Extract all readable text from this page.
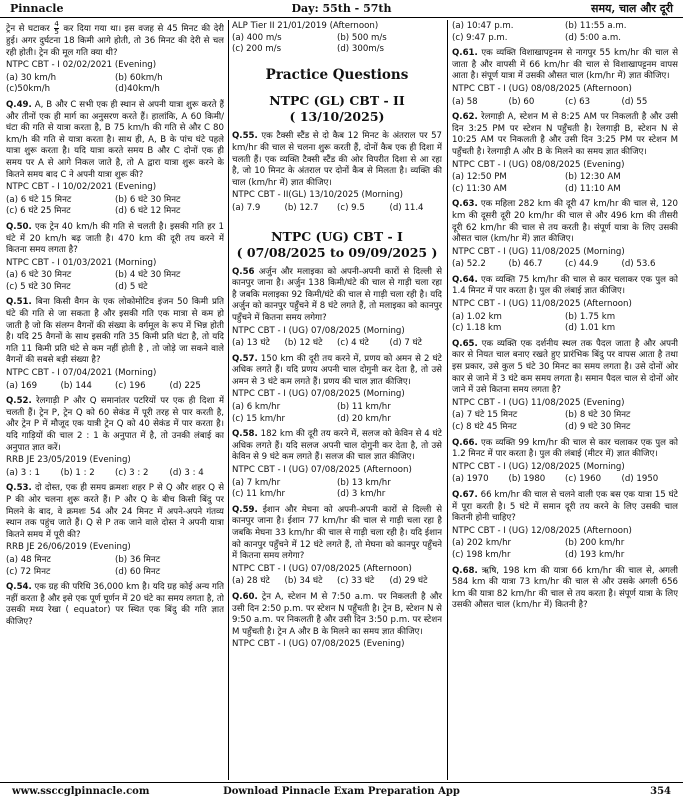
Pinnacle	Day: 55th - 57th	समय, चाल और दूरी

ट्रेन से घटाकर $\frac{4}{5}$ कर दिया गया था। इस वजह से 45 मिनट की देरी हुई। अगर दुर्घटना 18 किमी आगे होती, तो 36 मिनट की देरी से चल रही होती। ट्रेन की मूल गति क्या थी?

NTPC CBT - I 02/02/2021 (Evening)

(a) 30 km/h	(b) 60km/h
(c)50km/h	(d)40km/h

Q.49. A, B और C सभी एक ही स्थान से अपनी यात्रा शुरू करते हैं और तीनों एक ही मार्ग का अनुसरण करते हैं। हालांकि, A 60 किमी/घंटा की गति से यात्रा करता है, B 75 km/h की गति से और C 80 km/h की गति से यात्रा करता है। साथ ही, A, B के पांच घंटे पहले यात्रा शुरू करता है। यदि यात्रा करते समय B और C दोनों एक ही समय पर A से आगे निकल जाते है, तो A द्वारा यात्रा शुरू करने के कितने समय बाद C ने अपनी यात्रा शुरू की?

NTPC CBT - I 10/02/2021 (Evening)

(a) 6 घंटे 15 मिनट	(b) 6 घंटे 30 मिनट
(c) 6 घंटे 25 मिनट	(d) 6 घंटे 12 मिनट

Q.50. एक ट्रेन 40 km/h की गति से चलती है। इसकी गति हर 1 घंटे में 20 km/h बढ़ जाती है। 470 km की दूरी तय करने में कितना समय लगता है?

NTPC CBT - I 01/03/2021 (Morning)

(a) 6 घंटे 30 मिनट	(b) 4 घंटे 30 मिनट
(c) 5 घंटे 30 मिनट	(d) 5 घंटे

Q.51. बिना किसी वैगन के एक लोकोमोटिव इंजन 50 किमी प्रति घंटे की गति से जा सकता है और इसकी गति एक मात्रा से कम हो जाती है जो कि संलग्न वैगनों की संख्या के वर्गमूल के रूप में भिन्न होती है। यदि 25 वैगनों के साथ इसकी गति 35 किमी प्रति घंटा है, तो यदि गति 11 किमी प्रति घंटे से कम नहीं होती है , तो जोड़े जा सकने वाले वैगनों की सबसे बड़ी संख्या है?

NTPC CBT - I 07/04/2021 (Morning)

(a) 169	(b) 144	(c) 196	(d) 225

Q.52. रेलगाड़ी P और Q समानांतर पटरियों पर एक ही दिशा में चलती हैं। ट्रेन P, ट्रेन Q को 60 सेकंड में पूरी तरह से पार करती है, और ट्रेन P में मौजूद एक यात्री ट्रेन Q को 40 सेकंड में पार करता है। यदि गाड़ियों की चाल 2 : 1 के अनुपात में है, तो उनकी लंबाई का अनुपात ज्ञात करें।

RRB JE 23/05/2019 (Evening)

(a) 3 : 1	(b) 1 : 2	(c) 3 : 2	(d) 3 : 4

Q.53. दो दोस्त, एक ही समय क्रमशः शहर P से Q और शहर Q से P की ओर चलना शुरू करते हैं। P और Q के बीच किसी बिंदु पर मिलने के बाद, वे क्रमशः 54 और 24 मिनट में अपने-अपने गंतव्य स्थान तक पहुंच जाते हैं। Q से P तक जाने वाले दोस्त ने अपनी यात्रा कितने समय में पूरी की?

RRB JE 26/06/2019 (Evening)

(a) 48 मिनट	(b) 36 मिनट
(c) 72 मिनट	(d) 60 मिनट

Q.54. एक ग्रह की परिधि 36,000 km है। यदि ग्रह कोई अन्य गति नहीं करता है और इसे एक पूर्ण घूर्णन में 20 घंटे का समय लगता है, तो उसकी मध्य रेखा ( equator) पर स्थित एक बिंदु की गति ज्ञात कीजिए?

ALP Tier II 21/01/2019 (Afternoon)
(a) 400 m/s	(b) 500 m/s
(c) 200 m/s	(d) 300m/s

Practice Questions

NTPC (GL) CBT - II
( 13/10/2025)

Q.55. एक टैक्सी स्टैंड से दो कैब 12 मिनट के अंतराल पर 57 km/hr की चाल से चलना शुरू करती हैं, दोनों कैब एक ही दिशा में चलती हैं। एक व्यक्ति टैक्सी स्टैंड की ओर विपरीत दिशा से आ रहा है, जो 10 मिनट के अंतराल पर दोनों कैब से मिलता है। व्यक्ति की चाल (km/hr में) ज्ञात कीजिए।

NTPC CBT - II(GL) 13/10/2025 (Morning)

(a) 7.9	(b) 12.7	(c) 9.5	(d) 11.4

NTPC (UG) CBT - I
( 07/08/2025 to 09/09/2025 )

Q.56 अर्जुन और मलाइका को अपनी-अपनी कारों से दिल्ली से कानपुर जाना है। अर्जुन 138 किमी/घंटे की चाल से गाड़ी चला रहा है जबकि मलाइका 92 किमी/घंटे की चाल से गाड़ी चला रही है। यदि अर्जुन को कानपुर पहुँचने में 8 घंटे लगते हैं, तो मलाइका को कानपुर पहुँचने में कितना समय लगेगा?

NTPC CBT - I (UG) 07/08/2025 (Morning)

(a) 13 घंटे	(b) 12 घंटे	(c) 4 घंटे	(d) 7 घंटे

Q.57. 150 km की दूरी तय करने में, प्रणय को अमन से 2 घंटे अधिक लगते हैं। यदि प्रणय अपनी चाल दोगुनी कर देता है, तो उसे अमन से 3 घंटे कम लगते हैं। प्रणय की चाल ज्ञात कीजिए।

NTPC CBT - I (UG) 07/08/2025 (Morning)

(a) 6 km/hr	(b) 11 km/hr
(c) 15 km/hr	(d) 20 km/hr

Q.58. 182 km की दूरी तय करने में, सलज को केविन से 4 घंटे अधिक लगते हैं। यदि सलज अपनी चाल दोगुनी कर देता है, तो उसे केविन से 9 घंटे कम लगते हैं। सलज की चाल ज्ञात कीजिए।

NTPC CBT - I (UG) 07/08/2025 (Afternoon)

(a) 7 km/hr	(b) 13 km/hr
(c) 11 km/hr	(d) 3 km/hr

Q.59. ईशान और मेघना को अपनी-अपनी कारों से दिल्ली से कानपुर जाना है। ईशान 77 km/hr की चाल से गाड़ी चला रहा है जबकि मेघना 33 km/hr की चाल से गाड़ी चला रही है। यदि ईशान को कानपुर पहुँचने में 12 घंटे लगते हैं, तो मेघना को कानपुर पहुँचने में कितना समय लगेगा?

NTPC CBT - I (UG) 07/08/2025 (Afternoon)

(a) 28 घंटे	(b) 34 घंटे	(c) 33 घंटे	(d) 29 घंटे

Q.60. ट्रेन A, स्टेशन M से 7:50 a.m. पर निकलती है और उसी दिन 2:50 p.m. पर स्टेशन N पहुँचती है। ट्रेन B, स्टेशन N से 9:50 a.m. पर निकलती है और उसी दिन 3:50 p.m. पर स्टेशन M पहुँचती है। ट्रेन A और B के मिलने का समय ज्ञात कीजिए।

NTPC CBT - I (UG) 07/08/2025 (Evening)

(a) 10:47 p.m.	(b) 11:55 a.m.
(c) 9:47 p.m.	(d) 5:00 a.m.

Q.61. एक व्यक्ति विशाखापट्टनम से नागपुर 55 km/hr की चाल से जाता है और वापसी में 66 km/hr की चाल से विशाखापट्टनम वापस आता है। संपूर्ण यात्रा में उसकी औसत चाल (km/hr में) ज्ञात कीजिए।

NTPC CBT - I (UG) 08/08/2025 (Afternoon)

(a) 58	(b) 60	(c) 63	(d) 55

Q.62. रेलगाड़ी A, स्टेशन M से 8:25 AM पर निकलती है और उसी दिन 3:25 PM पर स्टेशन N पहुँचती है। रेलगाड़ी B, स्टेशन N से 10:25 AM पर निकलती है और उसी दिन 3:25 PM पर स्टेशन M पहुँचती है। रेलगाड़ी A और B के मिलने का समय ज्ञात कीजिए।

NTPC CBT - I (UG) 08/08/2025 (Evening)

(a) 12:50 PM	(b) 12:30 AM
(c) 11:30 AM	(d) 11:10 AM

Q.63. एक महिला 282 km की दूरी 47 km/hr की चाल से, 120 km की दूसरी दूरी 20 km/hr की चाल से और 496 km की तीसरी दूरी 62 km/hr की चाल से तय करती है। संपूर्ण यात्रा के लिए उसकी औसत चाल (km/hr में) ज्ञात कीजिए।

NTPC CBT - I (UG) 11/08/2025 (Morning)

(a) 52.2	(b) 46.7	(c) 44.9	(d) 53.6

Q.64. एक व्यक्ति 75 km/hr की चाल से कार चलाकर एक पुल को 1.4 मिनट में पार करता है। पुल की लंबाई ज्ञात कीजिए।

NTPC CBT - I (UG) 11/08/2025 (Afternoon)

(a) 1.02 km	(b) 1.75 km
(c) 1.18 km	(d) 1.01 km

Q.65. एक व्यक्ति एक दर्शनीय स्थल तक पैदल जाता है और अपनी कार से नियत चाल बनाए रखते हुए प्रारंभिक बिंदु पर वापस आता है तथा इस प्रकार, उसे कुल 5 घंटे 30 मिनट का समय लगता है। उसे दोनों ओर कार से जाने में 3 घंटे कम समय लगता है। समान पैदल चाल से दोनों ओर जाने में उसे कितना समय लगता है?

NTPC CBT - I (UG) 11/08/2025 (Evening)

(a) 7 घंटे 15 मिनट	(b) 8 घंटे 30 मिनट
(c) 8 घंटे 45 मिनट	(d) 9 घंटे 30 मिनट

Q.66. एक व्यक्ति 99 km/hr की चाल से कार चलाकर एक पुल को 1.2 मिनट में पार करता है। पुल की लंबाई (मीटर में) ज्ञात कीजिए।

NTPC CBT - I (UG) 12/08/2025 (Morning)

(a) 1970	(b) 1980	(c) 1960	(d) 1950

Q.67. 66 km/hr की चाल से चलने वाली एक बस एक यात्रा 15 घंटे में पूरा करती है। 5 घंटे में समान दूरी तय करने के लिए उसकी चाल कितनी होनी चाहिए?

NTPC CBT - I (UG) 12/08/2025 (Afternoon)

(a) 202 km/hr	(b) 200 km/hr
(c) 198 km/hr	(d) 193 km/hr

Q.68. ऋषि, 198 km की यात्रा 66 km/hr की चाल से, अगली 584 km की यात्रा 73 km/hr की चाल से और उसके अगली 656 km की यात्रा 82 km/hr की चाल से तय करता है। संपूर्ण यात्रा के लिए उसकी औसत चाल (km/hr में) कितनी है?

www.ssccglpinnacle.com	Download Pinnacle Exam Preparation App	354
